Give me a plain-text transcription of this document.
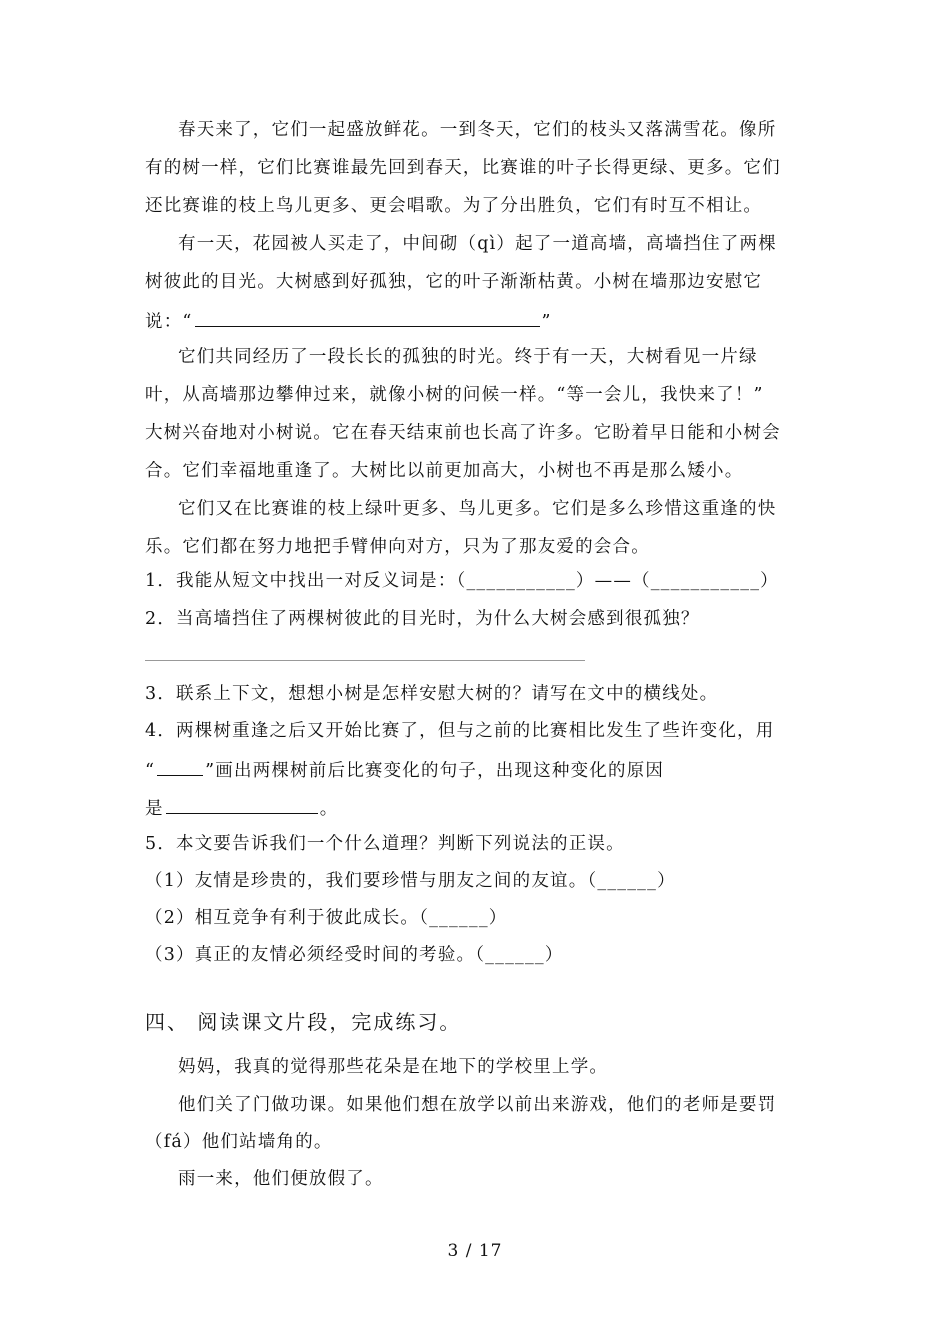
春天来了，它们一起盛放鲜花。一到冬天，它们的枝头又落满雪花。像所
有的树一样，它们比赛谁最先回到春天，比赛谁的叶子长得更绿、更多。它们
还比赛谁的枝上鸟儿更多、更会唱歌。为了分出胜负，它们有时互不相让。
有一天，花园被人买走了，中间砌（qì）起了一道高墙，高墙挡住了两棵
树彼此的目光。大树感到好孤独，它的叶子渐渐枯黄。小树在墙那边安慰它
说：“	”
它们共同经历了一段长长的孤独的时光。终于有一天，大树看见一片绿
叶，从高墙那边攀伸过来，就像小树的问候一样。“等一会儿，我快来了！”
大树兴奋地对小树说。它在春天结束前也长高了许多。它盼着早日能和小树会
合。它们幸福地重逢了。大树比以前更加高大，小树也不再是那么矮小。
它们又在比赛谁的枝上绿叶更多、鸟儿更多。它们是多么珍惜这重逢的快
乐。它们都在努力地把手臂伸向对方，只为了那友爱的会合。
1．我能从短文中找出一对反义词是：（___________）——（___________）
2．当高墙挡住了两棵树彼此的目光时，为什么大树会感到很孤独？
3．联系上下文，想想小树是怎样安慰大树的？请写在文中的横线处。
4．两棵树重逢之后又开始比赛了，但与之前的比赛相比发生了些许变化，用
“	”画出两棵树前后比赛变化的句子，出现这种变化的原因
是	。
5．本文要告诉我们一个什么道理？判断下列说法的正误。
（1）友情是珍贵的，我们要珍惜与朋友之间的友谊。（______）
（2）相互竞争有利于彼此成长。（______）
（3）真正的友情必须经受时间的考验。（______）
四、 阅读课文片段，完成练习。
妈妈，我真的觉得那些花朵是在地下的学校里上学。
他们关了门做功课。如果他们想在放学以前出来游戏，他们的老师是要罚
（fá）他们站墙角的。
雨一来，他们便放假了。
3 / 17
